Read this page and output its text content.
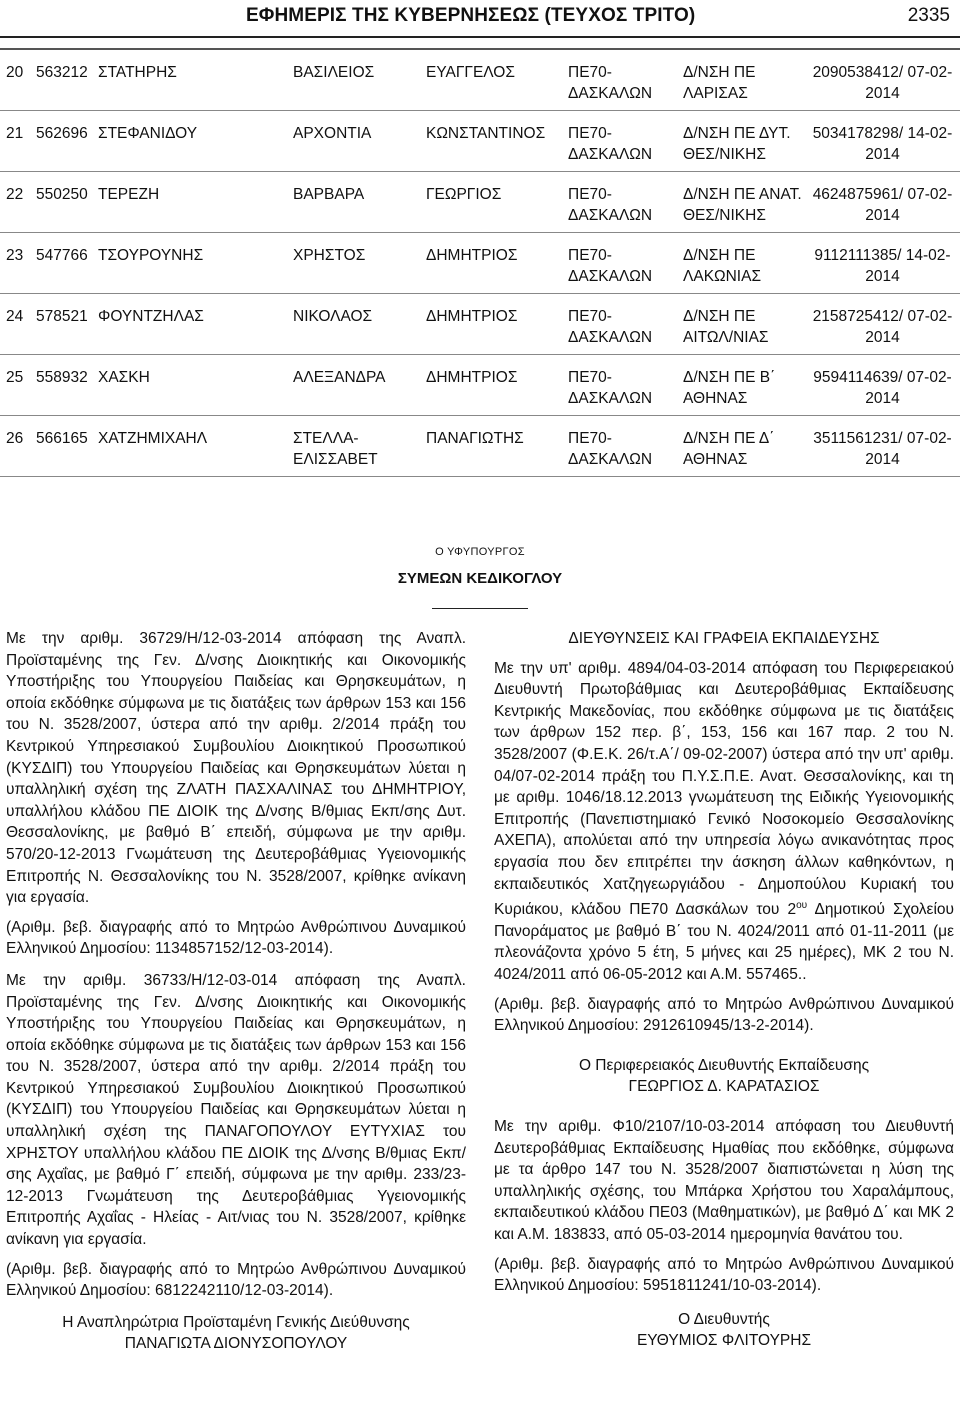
ΕΦΗΜΕΡΙΣ ΤΗΣ ΚΥΒΕΡΝΗΣΕΩΣ (ΤΕΥΧΟΣ ΤΡΙΤΟ)	2335
20	563212	ΣΤΑΤΗΡΗΣ	ΒΑΣΙΛΕΙΟΣ	ΕΥΑΓΓΕΛΟΣ	ΠΕ70- ΔΑΣΚΑΛΩΝ	Δ/ΝΣΗ ΠΕ ΛΑΡΙΣΑΣ	2090538412/ 07-02-2014
21	562696	ΣΤΕΦΑΝΙΔΟΥ	ΑΡΧΟΝΤΙΑ	ΚΩΝΣΤΑΝΤΙΝΟΣ	ΠΕ70- ΔΑΣΚΑΛΩΝ	Δ/ΝΣΗ ΠΕ ΔΥΤ. ΘΕΣ/ΝΙΚΗΣ	5034178298/ 14-02-2014
22	550250	ΤΕΡΕΖΗ	ΒΑΡΒΑΡΑ	ΓΕΩΡΓΙΟΣ	ΠΕ70- ΔΑΣΚΑΛΩΝ	Δ/ΝΣΗ ΠΕ ΑΝΑΤ. ΘΕΣ/ΝΙΚΗΣ	4624875961/ 07-02-2014
23	547766	ΤΣΟΥΡΟΥΝΗΣ	ΧΡΗΣΤΟΣ	ΔΗΜΗΤΡΙΟΣ	ΠΕ70- ΔΑΣΚΑΛΩΝ	Δ/ΝΣΗ ΠΕ ΛΑΚΩΝΙΑΣ	9112111385/ 14-02-2014
24	578521	ΦΟΥΝΤΖΗΛΑΣ	ΝΙΚΟΛΑΟΣ	ΔΗΜΗΤΡΙΟΣ	ΠΕ70- ΔΑΣΚΑΛΩΝ	Δ/ΝΣΗ ΠΕ ΑΙΤΩΛ/ΝΙΑΣ	2158725412/ 07-02-2014
25	558932	ΧΑΣΚΗ	ΑΛΕΞΑΝΔΡΑ	ΔΗΜΗΤΡΙΟΣ	ΠΕ70- ΔΑΣΚΑΛΩΝ	Δ/ΝΣΗ ΠΕ Β΄ ΑΘΗΝΑΣ	9594114639/ 07-02-2014
26	566165	ΧΑΤΖΗΜΙΧΑΗΛ	ΣΤΕΛΛΑ- ΕΛΙΣΣΑΒΕΤ	ΠΑΝΑΓΙΩΤΗΣ	ΠΕ70- ΔΑΣΚΑΛΩΝ	Δ/ΝΣΗ ΠΕ Δ΄ ΑΘΗΝΑΣ	3511561231/ 07-02-2014
Ο ΥΦΥΠΟΥΡΓΟΣ
ΣΥΜΕΩΝ ΚΕΔΙΚΟΓΛΟΥ

Με την αριθμ. 36729/Η/12-03-2014 απόφαση της Αναπλ. Προϊσταμένης της Γεν. Δ/νσης Διοικητικής και Οικονομικής Υποστήριξης του Υπουργείου Παιδείας και Θρησκευμάτων, η οποία εκδόθηκε σύμφωνα με τις διατάξεις των άρθρων 153 και 156 του Ν. 3528/2007, ύστερα από την αριθμ. 2/2014 πράξη του Κεντρικού Υπηρεσιακού Συμβουλίου Διοικητικού Προσωπικού (ΚΥΣΔΙΠ) του Υπουργείου Παιδείας και Θρησκευμάτων λύεται η υπαλληλική σχέση της ΖΛΑΤΗ ΠΑΣΧΑΛΙΝΑΣ του ΔΗΜΗΤΡΙΟΥ, υπαλλήλου κλάδου ΠΕ ΔΙΟΙΚ της Δ/νσης Β/θμιας Εκπ/σης Δυτ. Θεσσαλονίκης, με βαθμό Β΄ επειδή, σύμφωνα με την αριθμ. 570/20-12-2013 Γνωμάτευση της Δευτεροβάθμιας Υγειονομικής Επιτροπής Ν. Θεσσαλονίκης του Ν. 3528/2007, κρίθηκε ανίκανη για εργασία.

(Αριθμ. βεβ. διαγραφής από το Μητρώο Ανθρώπινου Δυναμικού Ελληνικού Δημοσίου: 1134857152/12-03-2014).

Με την αριθμ. 36733/Η/12-03-014 απόφαση της Αναπλ. Προϊσταμένης της Γεν. Δ/νσης Διοικητικής και Οικονομικής Υποστήριξης του Υπουργείου Παιδείας και Θρησκευμάτων, η οποία εκδόθηκε σύμφωνα με τις διατάξεις των άρθρων 153 και 156 του Ν. 3528/2007, ύστερα από την αριθμ. 2/2014 πράξη του Κεντρικού Υπηρεσιακού Συμβουλίου Διοικητικού Προσωπικού (ΚΥΣΔΙΠ) του Υπουργείου Παιδείας και Θρησκευμάτων λύεται η υπαλληλική σχέση της ΠΑΝΑΓΟΠΟΥΛΟΥ ΕΥΤΥΧΙΑΣ του ΧΡΗΣΤΟΥ υπαλλήλου κλάδου ΠΕ ΔΙΟΙΚ της Δ/νσης Β/θμιας Εκπ/σης Αχαΐας, με βαθμό Γ΄ επειδή, σύμφωνα με την αριθμ. 233/23-12-2013 Γνωμάτευση της Δευτεροβάθμιας Υγειονομικής Επιτροπής Αχαΐας - Ηλείας - Αιτ/νιας του Ν. 3528/2007, κρίθηκε ανίκανη για εργασία.

(Αριθμ. βεβ. διαγραφής από το Μητρώο Ανθρώπινου Δυναμικού Ελληνικού Δημοσίου: 6812242110/12-03-2014).

Η Αναπληρώτρια Προϊσταμένη Γενικής Διεύθυνσης

ΠΑΝΑΓΙΩΤΑ ΔΙΟΝΥΣΟΠΟΥΛΟΥ

ΔΙΕΥΘΥΝΣΕΙΣ ΚΑΙ ΓΡΑΦΕΙΑ ΕΚΠΑΙΔΕΥΣΗΣ

Με την υπ' αριθμ. 4894/04-03-2014 απόφαση του Περιφερειακού Διευθυντή Πρωτοβάθμιας και Δευτεροβάθμιας Εκπαίδευσης Κεντρικής Μακεδονίας, που εκδόθηκε σύμφωνα με τις διατάξεις των άρθρων 152 περ. β΄, 153, 156 και 167 παρ. 2 του Ν. 3528/2007 (Φ.Ε.Κ. 26/τ.Α΄/ 09-02-2007) ύστερα από την υπ' αριθμ. 04/07-02-2014 πράξη του Π.Υ.Σ.Π.Ε. Ανατ. Θεσσαλονίκης, και τη με αριθμ. 1046/18.12.2013 γνωμάτευση της Ειδικής Υγειονομικής Επιτροπής (Πανεπιστημιακό Γενικό Νοσοκομείο Θεσσαλονίκης ΑΧΕΠΑ), απολύεται από την υπηρεσία λόγω ανικανότητας προς εργασία που δεν επιτρέπει την άσκηση άλλων καθηκόντων, η εκπαιδευτικός Χατζηγεωργιάδου - Δημοπούλου Κυριακή του Κυριάκου, κλάδου ΠΕ70 Δασκάλων του $2^{o\upsilon}$ Δημοτικού Σχολείου Πανοράματος με βαθμό Β΄ του Ν. 4024/2011 από 01-11-2011 (με πλεονάζοντα χρόνο 5 έτη, 5 μήνες και 25 ημέρες), ΜΚ 2 του Ν. 4024/2011 από 06-05-2012 και Α.Μ. 557465..

(Αριθμ. βεβ. διαγραφής από το Μητρώο Ανθρώπινου Δυναμικού Ελληνικού Δημοσίου: 2912610945/13-2-2014).

Ο Περιφερειακός Διευθυντής Εκπαίδευσης

ΓΕΩΡΓΙΟΣ Δ. ΚΑΡΑΤΑΣΙΟΣ

Με την αριθμ. Φ10/2107/10-03-2014 απόφαση του Διευθυντή Δευτεροβάθμιας Εκπαίδευσης Ημαθίας που εκδόθηκε, σύμφωνα με τα άρθρο 147 του Ν. 3528/2007 διαπιστώνεται η λύση της υπαλληλικής σχέσης, του Μπάρκα Χρήστου του Χαραλάμπους, εκπαιδευτικού κλάδου ΠΕ03 (Μαθηματικών), με βαθμό Δ΄ και ΜΚ 2 και Α.Μ. 183833, από 05-03-2014 ημερομηνία θανάτου του.

(Αριθμ. βεβ. διαγραφής από το Μητρώο Ανθρώπινου Δυναμικού Ελληνικού Δημοσίου: 5951811241/10-03-2014).

Ο Διευθυντής

ΕΥΘΥΜΙΟΣ ΦΛΙΤΟΥΡΗΣ
